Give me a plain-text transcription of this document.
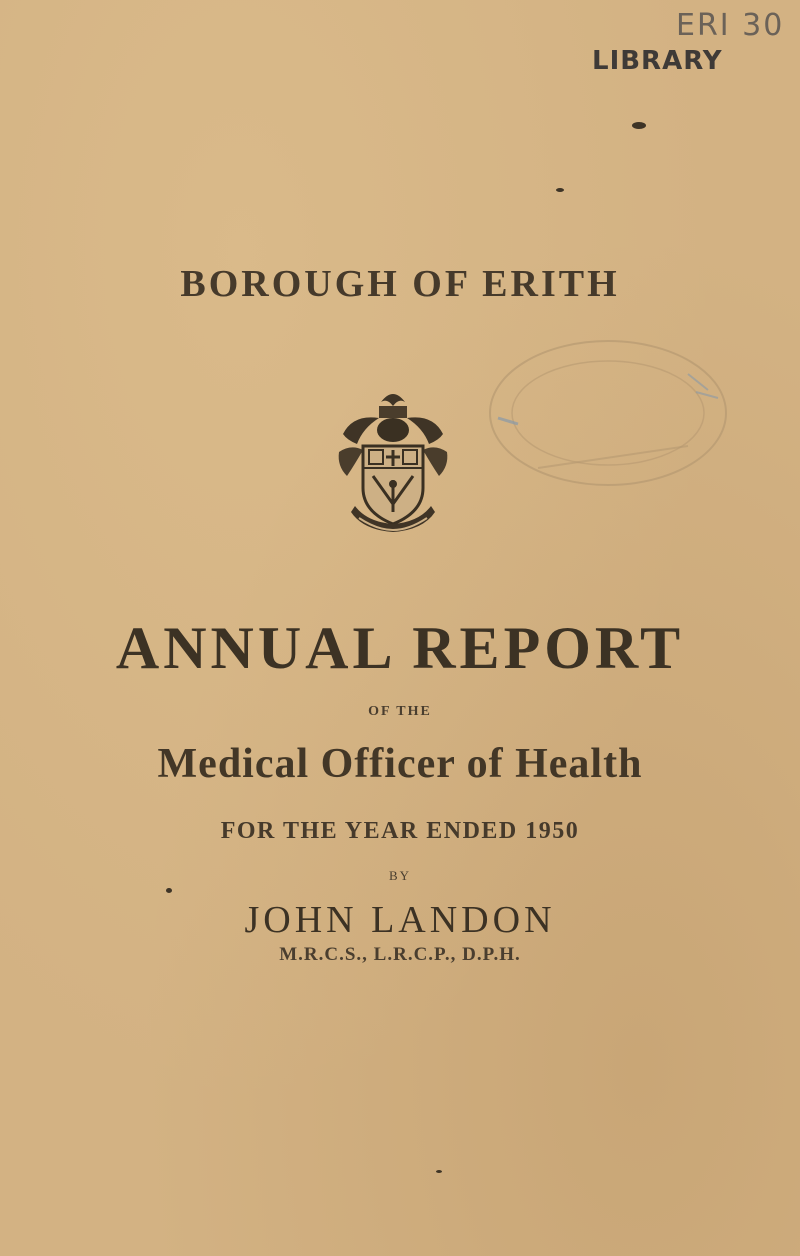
ERI 30
LIBRARY
BOROUGH OF ERITH
ANNUAL REPORT
OF THE
Medical Officer of Health
FOR THE YEAR ENDED 1950
BY
JOHN LANDON
M.R.C.S., L.R.C.P., D.P.H.
